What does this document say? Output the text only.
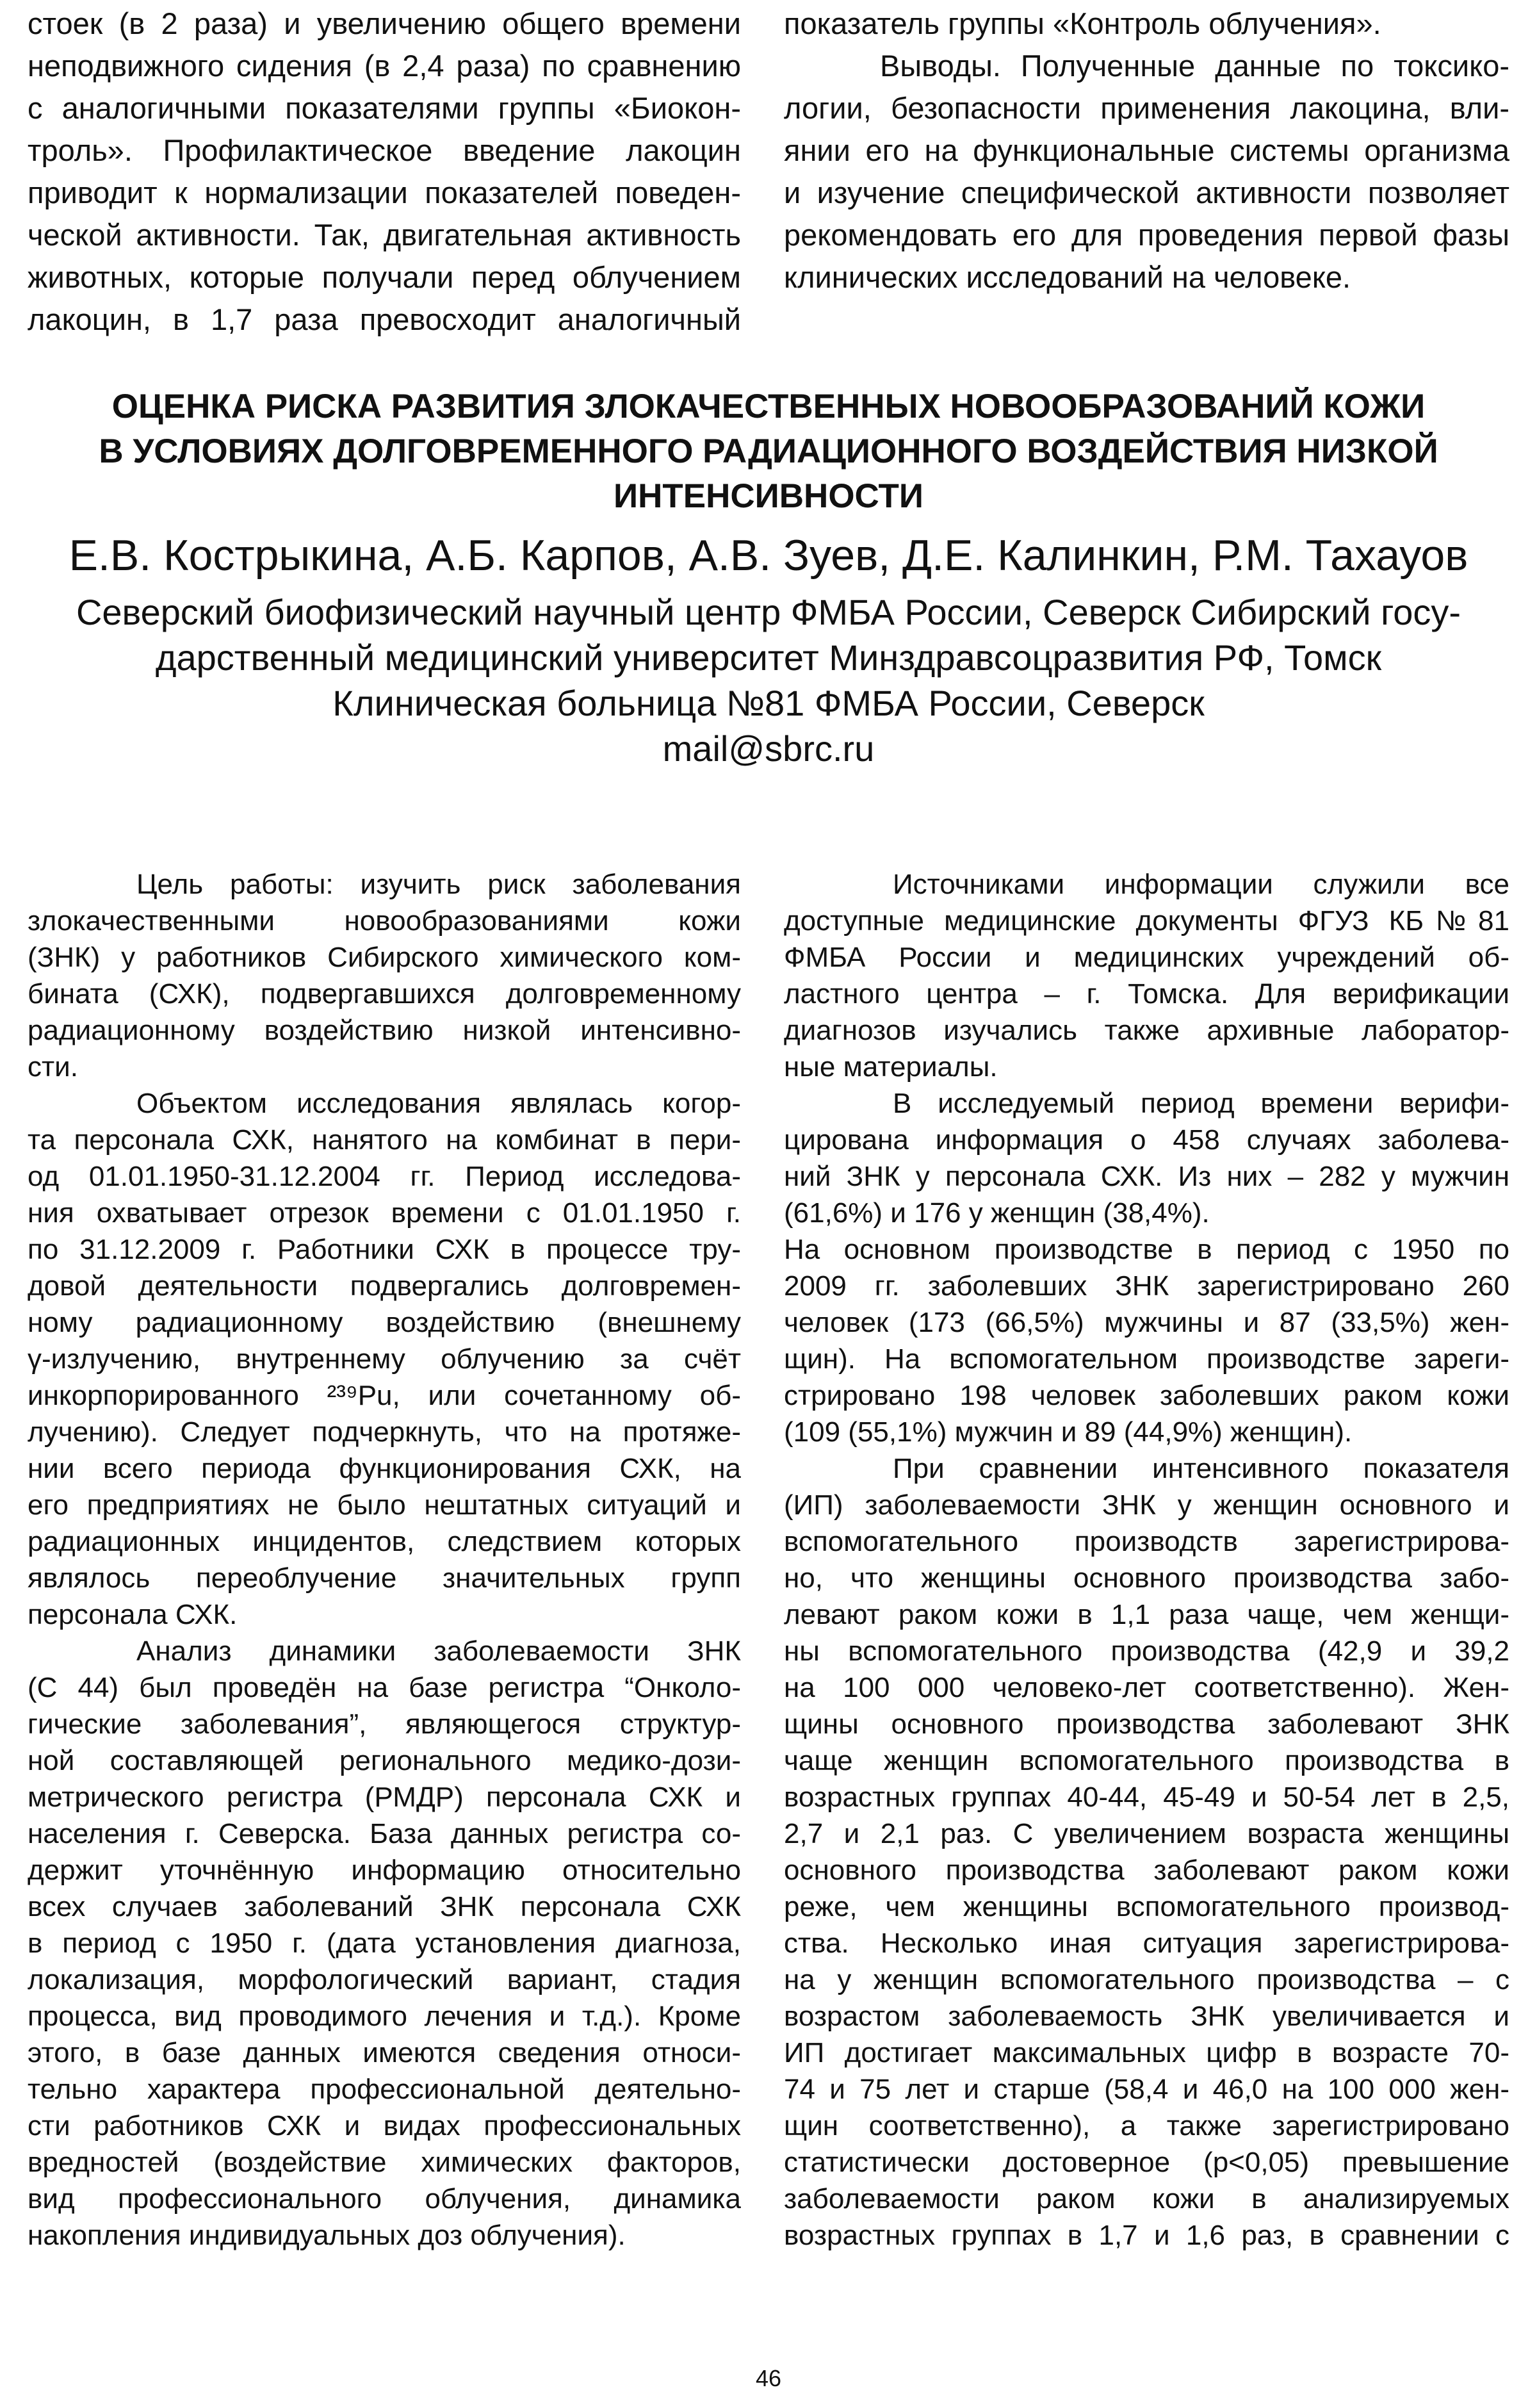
стоек (в 2 раза) и увеличению общего времени
неподвижного сидения (в 2,4 раза) по сравнению
с аналогичными показателями группы «Биокон-
троль». Профилактическое введение лакоцин
приводит к нормализации показателей поведен-
ческой активности. Так, двигательная активность
животных, которые получали перед облучением
лакоцин, в 1,7 раза превосходит аналогичный
показатель группы «Контроль облучения».
Выводы. Полученные данные по токсико-
логии, безопасности применения лакоцина, вли-
янии его на функциональные системы организма
и изучение специфической активности позволяет
рекомендовать его для проведения первой фазы
клинических исследований на человеке.
ОЦЕНКА РИСКА РАЗВИТИЯ ЗЛОКАЧЕСТВЕННЫХ НОВООБРАЗОВАНИЙ КОЖИ
В УСЛОВИЯХ ДОЛГОВРЕМЕННОГО РАДИАЦИОННОГО ВОЗДЕЙСТВИЯ НИЗКОЙ
ИНТЕНСИВНОСТИ
Е.В. Кострыкина, А.Б. Карпов, А.В. Зуев, Д.Е. Калинкин, Р.М. Тахауов
Северский биофизический научный центр ФМБА России, Северск Сибирский госу-
дарственный медицинский университет Минздравсоцразвития РФ, Томск
Клиническая больница №81 ФМБА России, Северск
mail@sbrc.ru
Цель работы: изучить риск заболевания
злокачественными новообразованиями кожи
(ЗНК) у работников Сибирского химического ком-
бината (СХК), подвергавшихся долговременному
радиационному воздействию низкой интенсивно-
сти.
Объектом исследования являлась когор-
та персонала СХК, нанятого на комбинат в пери-
од 01.01.1950-31.12.2004 гг. Период исследова-
ния охватывает отрезок времени с 01.01.1950 г.
по 31.12.2009 г. Работники СХК в процессе тру-
довой деятельности подвергались долговремен-
ному радиационному воздействию (внешнему
γ-излучению, внутреннему облучению за счёт
инкорпорированного ²³⁹Pu, или сочетанному об-
лучению). Следует подчеркнуть, что на протяже-
нии всего периода функционирования СХК, на
его предприятиях не было нештатных ситуаций и
радиационных инцидентов, следствием которых
являлось переоблучение значительных групп
персонала СХК.
Анализ динамики заболеваемости ЗНК
(С 44) был проведён на базе регистра “Онколо-
гические заболевания”, являющегося структур-
ной составляющей регионального медико-дози-
метрического регистра (РМДР) персонала СХК и
населения г. Северска. База данных регистра со-
держит уточнённую информацию относительно
всех случаев заболеваний ЗНК персонала СХК
в период с 1950 г. (дата установления диагноза,
локализация, морфологический вариант, стадия
процесса, вид проводимого лечения и т.д.). Кроме
этого, в базе данных имеются сведения относи-
тельно характера профессиональной деятельно-
сти работников СХК и видах профессиональных
вредностей (воздействие химических факторов,
вид профессионального облучения, динамика
накопления индивидуальных доз облучения).
Источниками информации служили все
доступные медицинские документы ФГУЗ КБ№81
ФМБА России и медицинских учреждений об-
ластного центра – г. Томска. Для верификации
диагнозов изучались также архивные лаборатор-
ные материалы.
В исследуемый период времени верифи-
цирована информация о 458 случаях заболева-
ний ЗНК у персонала СХК. Из них – 282 у мужчин
(61,6%) и 176 у женщин (38,4%).
На основном производстве в период с 1950 по
2009 гг. заболевших ЗНК зарегистрировано 260
человек (173 (66,5%) мужчины и 87 (33,5%) жен-
щин). На вспомогательном производстве зареги-
стрировано 198 человек заболевших раком кожи
(109 (55,1%) мужчин и 89 (44,9%) женщин).
При сравнении интенсивного показателя
(ИП) заболеваемости ЗНК у женщин основного и
вспомогательного производств зарегистрирова-
но, что женщины основного производства забо-
левают раком кожи в 1,1 раза чаще, чем женщи-
ны вспомогательного производства (42,9 и 39,2
на 100 000 человеко-лет соответственно). Жен-
щины основного производства заболевают ЗНК
чаще женщин вспомогательного производства в
возрастных группах 40-44, 45-49 и 50-54 лет в 2,5,
2,7 и 2,1 раз. С увеличением возраста женщины
основного производства заболевают раком кожи
реже, чем женщины вспомогательного производ-
ства. Несколько иная ситуация зарегистрирова-
на у женщин вспомогательного производства – с
возрастом заболеваемость ЗНК увеличивается и
ИП достигает максимальных цифр в возрасте 70-
74 и 75 лет и старше (58,4 и 46,0 на 100 000 жен-
щин соответственно), а также зарегистрировано
статистически достоверное (р<0,05) превышение
заболеваемости раком кожи в анализируемых
возрастных группах в 1,7 и 1,6 раз, в сравнении с
46
